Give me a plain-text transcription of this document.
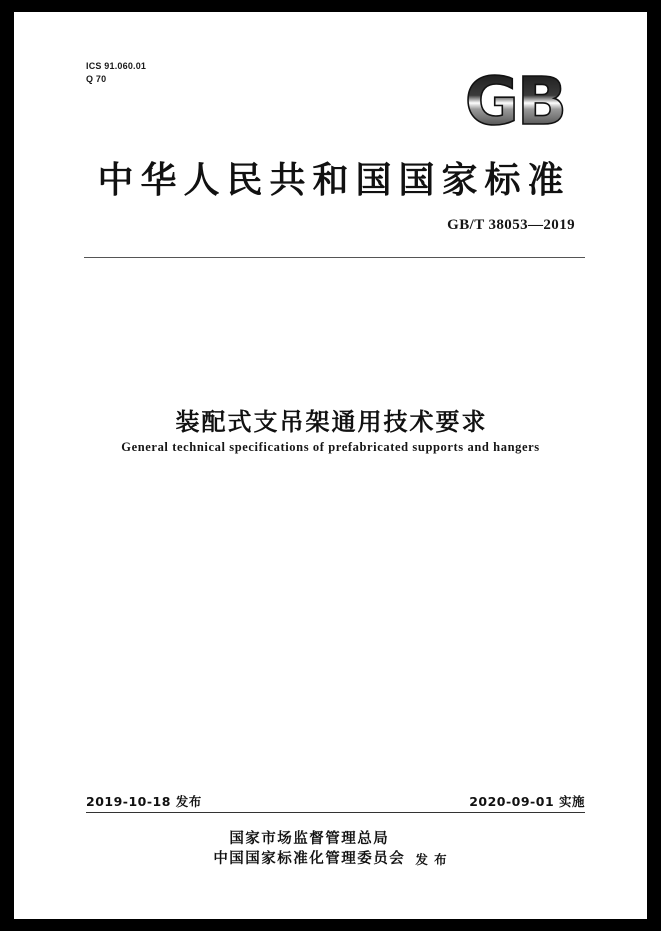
ICS 91.060.01
Q 70	GB
中华人民共和国国家标准
GB/T 38053—2019
装配式支吊架通用技术要求
General technical specifications of prefabricated supports and hangers
2019-10-18 发布	2020-09-01 实施
国家市场监督管理总局
中国国家标准化管理委员会 发 布
